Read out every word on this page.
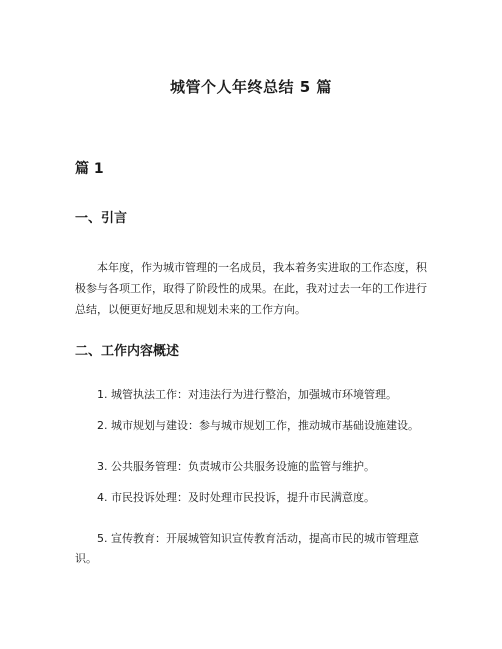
城管个人年终总结 5 篇
篇 1
一、引言

本年度，作为城市管理的一名成员，我本着务实进取的工作态度，积极参与各项工作，取得了阶段性的成果。在此，我对过去一年的工作进行总结，以便更好地反思和规划未来的工作方向。

二、工作内容概述
1. 城管执法工作：对违法行为进行整治，加强城市环境管理。
2. 城市规划与建设：参与城市规划工作，推动城市基础设施建设。
3. 公共服务管理：负责城市公共服务设施的监管与维护。
4. 市民投诉处理：及时处理市民投诉，提升市民满意度。
5. 宣传教育：开展城管知识宣传教育活动，提高市民的城市管理意识。
